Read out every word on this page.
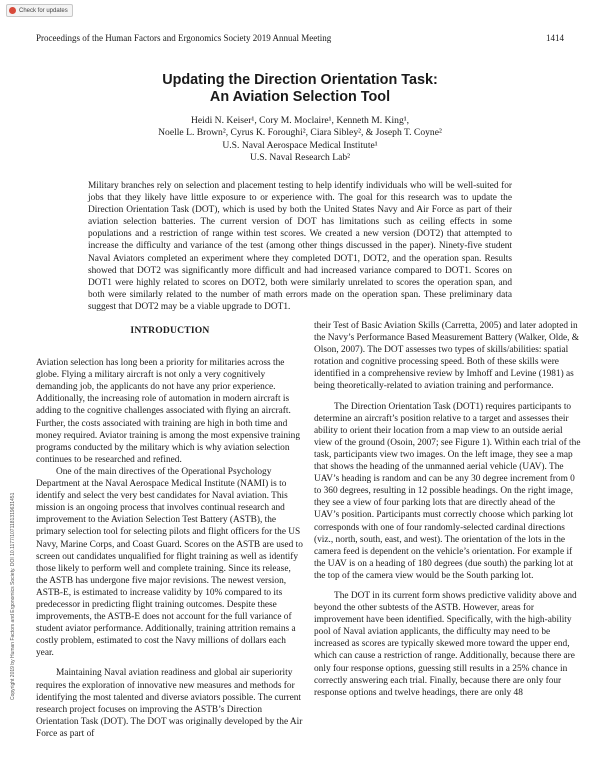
Check for updates
Proceedings of the Human Factors and Ergonomics Society 2019 Annual Meeting	1414
Updating the Direction Orientation Task:
An Aviation Selection Tool
Heidi N. Keiser¹, Cory M. Moclaire¹, Kenneth M. King¹,
Noelle L. Brown², Cyrus K. Foroughi², Ciara Sibley², & Joseph T. Coyne²
U.S. Naval Aerospace Medical Institute¹
U.S. Naval Research Lab²
Military branches rely on selection and placement testing to help identify individuals who will be well-suited for jobs that they likely have little exposure to or experience with. The goal for this research was to update the Direction Orientation Task (DOT), which is used by both the United States Navy and Air Force as part of their aviation selection batteries. The current version of DOT has limitations such as ceiling effects in some populations and a restriction of range within test scores. We created a new version (DOT2) that attempted to increase the difficulty and variance of the test (among other things discussed in the paper). Ninety-five student Naval Aviators completed an experiment where they completed DOT1, DOT2, and the operation span. Results showed that DOT2 was significantly more difficult and had increased variance compared to DOT1. Scores on DOT1 were highly related to scores on DOT2, both were similarly unrelated to scores the operation span, and both were similarly related to the number of math errors made on the operation span. These preliminary data suggest that DOT2 may be a viable upgrade to DOT1.
INTRODUCTION

Aviation selection has long been a priority for militaries across the globe. Flying a military aircraft is not only a very cognitively demanding job, the applicants do not have any prior experience. Additionally, the increasing role of automation in modern aircraft is adding to the cognitive challenges associated with flying an aircraft. Further, the costs associated with training are high in both time and money required. Aviator training is among the most expensive training programs conducted by the military which is why aviation selection continues to be researched and refined.

One of the main directives of the Operational Psychology Department at the Naval Aerospace Medical Institute (NAMI) is to identify and select the very best candidates for Naval aviation. This mission is an ongoing process that involves continual research and improvement to the Aviation Selection Test Battery (ASTB), the primary selection tool for selecting pilots and flight officers for the US Navy, Marine Corps, and Coast Guard. Scores on the ASTB are used to screen out candidates unqualified for flight training as well as identify those likely to perform well and complete training. Since its release, the ASTB has undergone five major revisions. The newest version, ASTB-E, is estimated to increase validity by 10% compared to its predecessor in predicting flight training outcomes. Despite these improvements, the ASTB-E does not account for the full variance of student aviator performance. Additionally, training attrition remains a costly problem, estimated to cost the Navy millions of dollars each year.

Maintaining Naval aviation readiness and global air superiority requires the exploration of innovative new measures and methods for identifying the most talented and diverse aviators possible. The current research project focuses on improving the ASTB’s Direction Orientation Task (DOT). The DOT was originally developed by the Air Force as part of

their Test of Basic Aviation Skills (Carretta, 2005) and later adopted in the Navy’s Performance Based Measurement Battery (Walker, Olde, & Olson, 2007). The DOT assesses two types of skills/abilities: spatial rotation and cognitive processing speed. Both of these skills were identified in a comprehensive review by Imhoff and Levine (1981) as being theoretically-related to aviation training and performance.

The Direction Orientation Task (DOT1) requires participants to determine an aircraft’s position relative to a target and assesses their ability to orient their location from a map view to an outside aerial view of the ground (Osoin, 2007; see Figure 1). Within each trial of the task, participants view two images. On the left image, they see a map that shows the heading of the unmanned aerial vehicle (UAV). The UAV’s heading is random and can be any 30 degree increment from 0 to 360 degrees, resulting in 12 possible headings. On the right image, they see a view of four parking lots that are directly ahead of the UAV’s position. Participants must correctly choose which parking lot corresponds with one of four randomly-selected cardinal directions (viz., north, south, east, and west). The orientation of the lots in the camera feed is dependent on the vehicle’s orientation. For example if the UAV is on a heading of 180 degrees (due south) the parking lot at the top of the camera view would be the South parking lot.

The DOT in its current form shows predictive validity above and beyond the other subtests of the ASTB. However, areas for improvement have been identified. Specifically, with the high-ability pool of Naval aviation applicants, the difficulty may need to be increased as scores are typically skewed more toward the upper end, which can cause a restriction of range. Additionally, because there are only four response options, guessing still results in a 25% chance in correctly answering each trial. Finally, because there are only four response options and twelve headings, there are only 48

Copyright 2019 by Human Factors and Ergonomics Society. DOI 10.1177/1071181319631451
